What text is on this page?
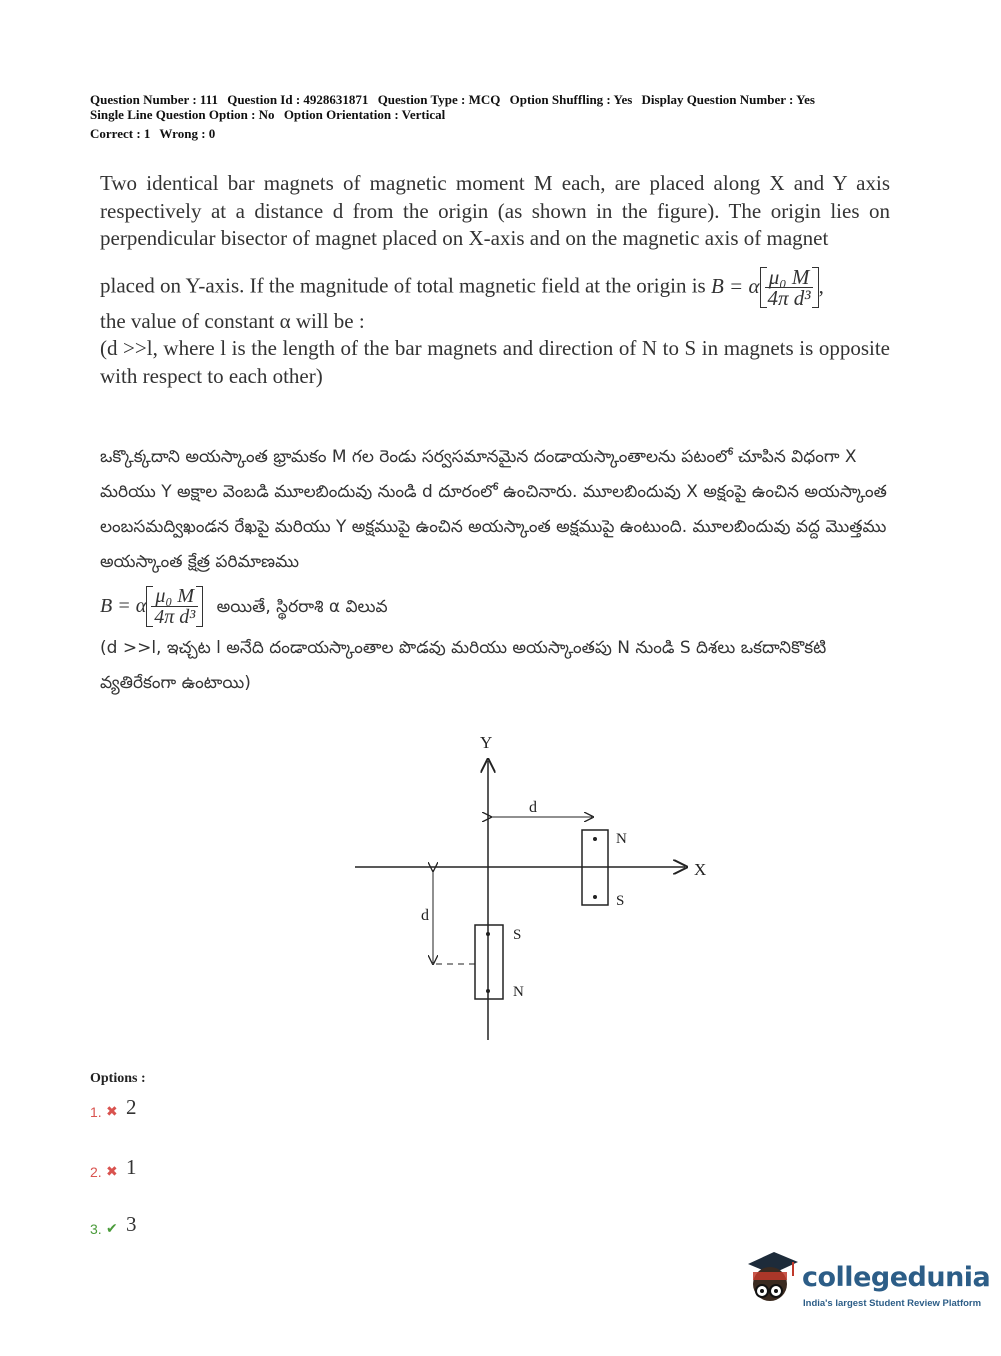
Question Number : 111 Question Id : 4928631871 Question Type : MCQ Option Shuffling : Yes Display Question Number : Yes
Single Line Question Option : No Option Orientation : Vertical
Correct : 1 Wrong : 0

Two identical bar magnets of magnetic moment M each, are placed along X and Y axis respectively at a distance d from the origin (as shown in the figure). The origin lies on perpendicular bisector of magnet placed on X-axis and on the magnetic axis of magnet

placed on Y-axis. If the magnitude of total magnetic field at the origin is B = α $\frac{\text{μ₀ M}}{\text{4π d³}}$ ,

the value of constant α will be :

(d >>l, where l is the length of the bar magnets and direction of N to S in magnets is opposite with respect to each other)

ఒక్కొక్కదాని అయస్కాంత భ్రామకం M గల రెండు సర్వసమానమైన దండాయస్కాంతాలను పటంలో చూపిన విధంగా X మరియు Y అక్షాల వెంబడి మూలబిందువు నుండి d దూరంలో ఉంచినారు. మూలబిందువు X అక్షంపై ఉంచిన అయస్కాంత లంబసమద్విఖండన రేఖపై మరియు Y అక్షముపై ఉంచిన అయస్కాంత అక్షముపై ఉంటుంది. మూలబిందువు వద్ద మొత్తము అయస్కాంత క్షేత్ర పరిమాణము

B = α $\frac{\text{μ₀ M}}{\text{4π d³}}$ అయితే, స్థిరరాశి α విలువ

(d >>l, ఇచ్చట l అనేది దండాయస్కాంతాల పొడవు మరియు అయస్కాంతపు N నుండి S దిశలు ఒకదానికొకటి వ్యతిరేకంగా ఉంటాయి)

Y
X
d
N
S
d
S
N
Options :
1. ✖ 2
2. ✖ 1
3. ✔ 3
collegedunia
India's largest Student Review Platform
